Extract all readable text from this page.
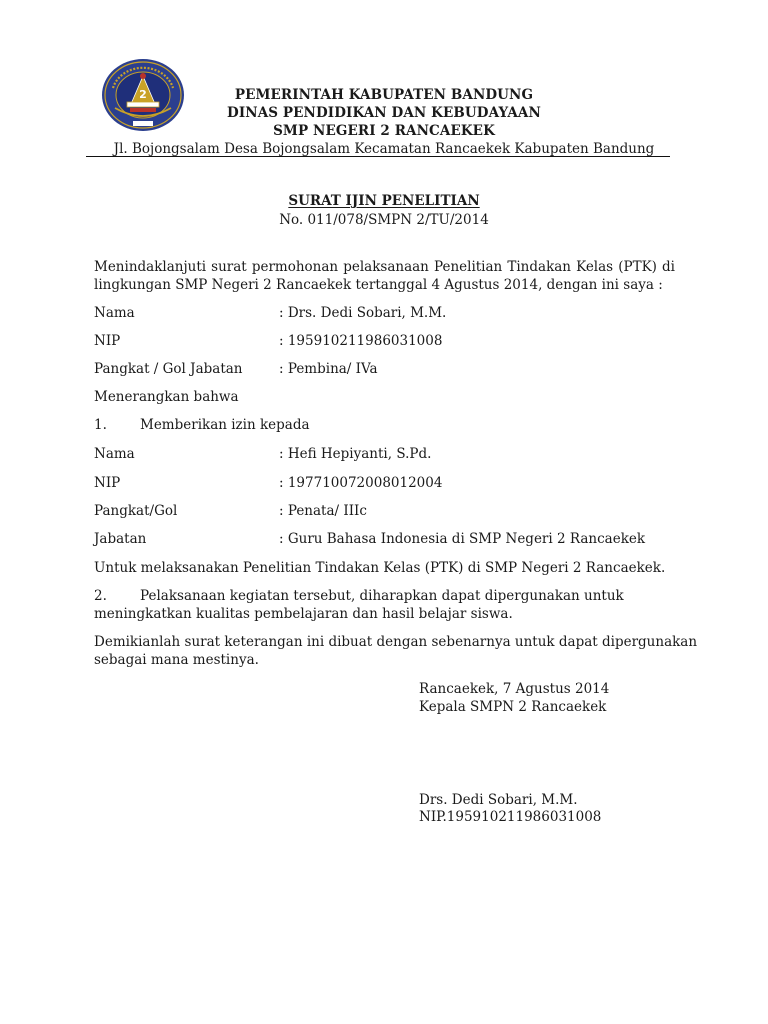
2	PEMERINTAH KABUPATEN BANDUNG
DINAS PENDIDIKAN DAN KEBUDAYAAN
SMP NEGERI 2 RANCAEKEK
Jl. Bojongsalam Desa Bojongsalam Kecamatan Rancaekek Kabupaten Bandung
SURAT IJIN PENELITIAN
No. 011/078/SMPN 2/TU/2014
Menindaklanjuti surat permohonan pelaksanaan Penelitian Tindakan Kelas (PTK) di lingkungan SMP Negeri 2 Rancaekek tertanggal 4 Agustus 2014, dengan ini saya :
Nama	: Drs. Dedi Sobari, M.M.
NIP	: 195910211986031008
Pangkat / Gol Jabatan	: Pembina/ IVa
Menerangkan bahwa
1. Memberikan izin kepada
Nama	: Hefi Hepiyanti, S.Pd.
NIP	: 197710072008012004
Pangkat/Gol	: Penata/ IIIc
Jabatan	: Guru Bahasa Indonesia di SMP Negeri 2 Rancaekek
Untuk melaksanakan Penelitian Tindakan Kelas (PTK) di SMP Negeri 2 Rancaekek.
2. Pelaksanaan kegiatan tersebut, diharapkan dapat dipergunakan untuk
meningkatkan kualitas pembelajaran dan hasil belajar siswa.
Demikianlah surat keterangan ini dibuat dengan sebenarnya untuk dapat dipergunakan
sebagai mana mestinya.
Rancaekek, 7 Agustus 2014
Kepala SMPN 2 Rancaekek
Drs. Dedi Sobari, M.M.
NIP.195910211986031008
